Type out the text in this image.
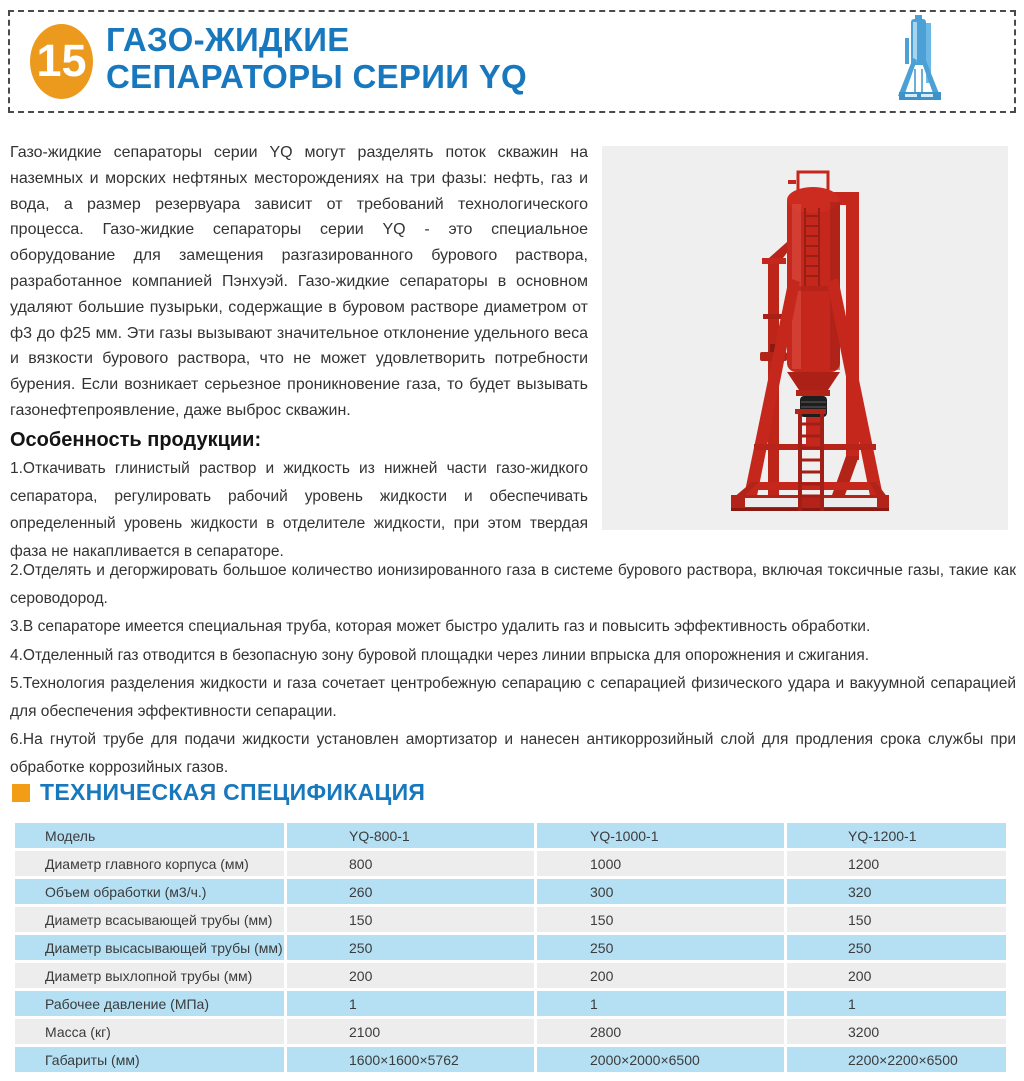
15 ГАЗО-ЖИДКИЕ
СЕПАРАТОРЫ СЕРИИ YQ

Газо-жидкие сепараторы серии YQ могут разделять поток скважин на наземных и морских нефтяных месторождениях на три фазы: нефть, газ и вода, а размер резервуара зависит от требований технологического процесса. Газо-жидкие сепараторы серии YQ - это специальное оборудование для замещения разгазированного бурового раствора, разработанное компанией Пэнхуэй. Газо-жидкие сепараторы в основном удаляют большие пузырьки, содержащие в буровом растворе диаметром от ф3 до ф25 мм. Эти газы вызывают значительное отклонение удельного веса и вязкости бурового раствора, что не может удовлетворить потребности бурения. Если возникает серьезное проникновение газа, то будет вызывать газонефтепроявление, даже выброс скважин.

Особенность продукции:

1.Откачивать глинистый раствор и жидкость из нижней части газо-жидкого сепаратора, регулировать рабочий уровень жидкости и обеспечивать определенный уровень жидкости в отделителе жидкости, при этом твердая фаза не накапливается в сепараторе.

2.Отделять и дегоржировать большое количество ионизированного газа в системе бурового раствора, включая токсичные газы, такие как сероводород.

3.В сепараторе имеется специальная труба, которая может быстро удалить газ и повысить эффективность обработки.

4.Отделенный газ отводится в безопасную зону буровой площадки через линии впрыска для опорожнения и сжигания.

5.Технология разделения жидкости и газа сочетает центробежную сепарацию с сепарацией физического удара и вакуумной сепарацией для обеспечения эффективности сепарации.

6.На гнутой трубе для подачи жидкости установлен амортизатор и нанесен антикоррозийный слой для продления срока службы при обработке коррозийных газов.

ТЕХНИЧЕСКАЯ СПЕЦИФИКАЦИЯ
Модель	YQ-800-1	YQ-1000-1	YQ-1200-1
Диаметр главного корпуса (мм)	800	1000	1200
Объем обработки (м3/ч.)	260	300	320
Диаметр всасывающей трубы (мм)	150	150	150
Диаметр высасывающей трубы (мм)	250	250	250
Диаметр выхлопной трубы (мм)	200	200	200
Рабочее давление (МПа)	1	1	1
Масса (кг)	2100	2800	3200
Габариты (мм)	1600×1600×5762	2000×2000×6500	2200×2200×6500
